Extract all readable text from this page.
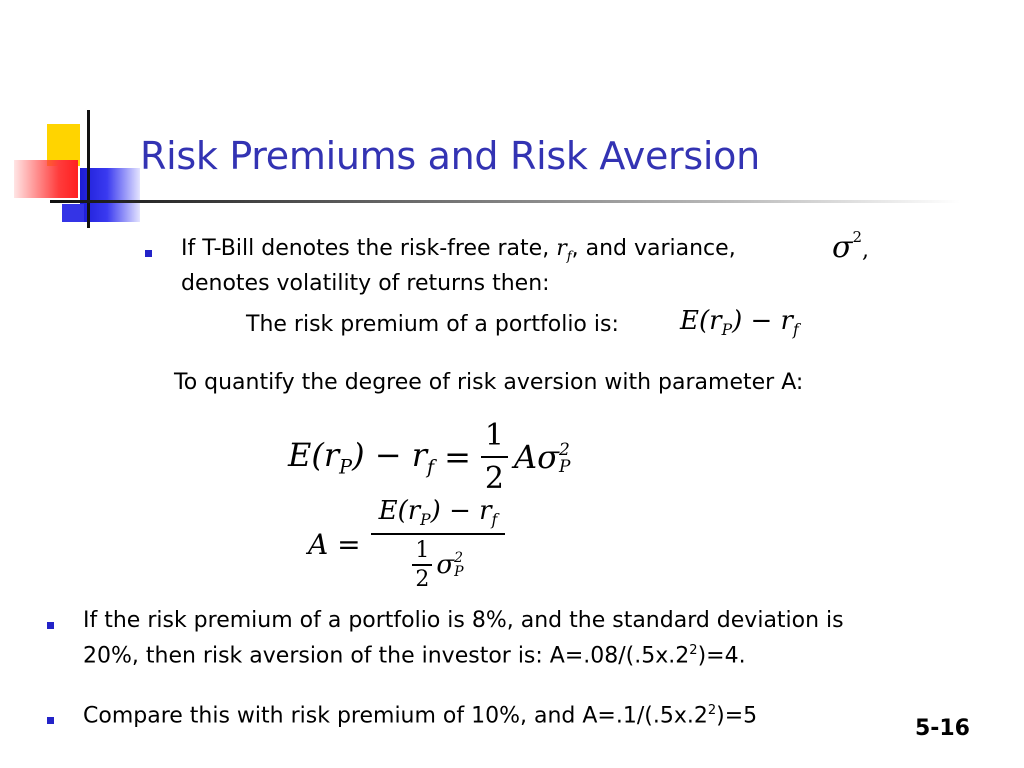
Risk Premiums and Risk Aversion
If T-Bill denotes the risk-free rate, $r_f$, and variance,	$\sigma^2$,
denotes volatility of returns then:
The risk premium of a portfolio is: $E(r_P) - r_f$
To quantify the degree of risk aversion with parameter A:
$E(r_P) - r_f = \frac{1}{2}$ Aσ 2
P
$A = E(r_P) - r_f$
$\frac{1}{2}$ σ 2
P
If the risk premium of a portfolio is 8%, and the standard deviation is
20%, then risk aversion of the investor is: $A=.08/(.5x.2^2)=4$.
Compare this with risk premium of 10%, and $A=.1/(.5x.2^2)=5$
5-16
